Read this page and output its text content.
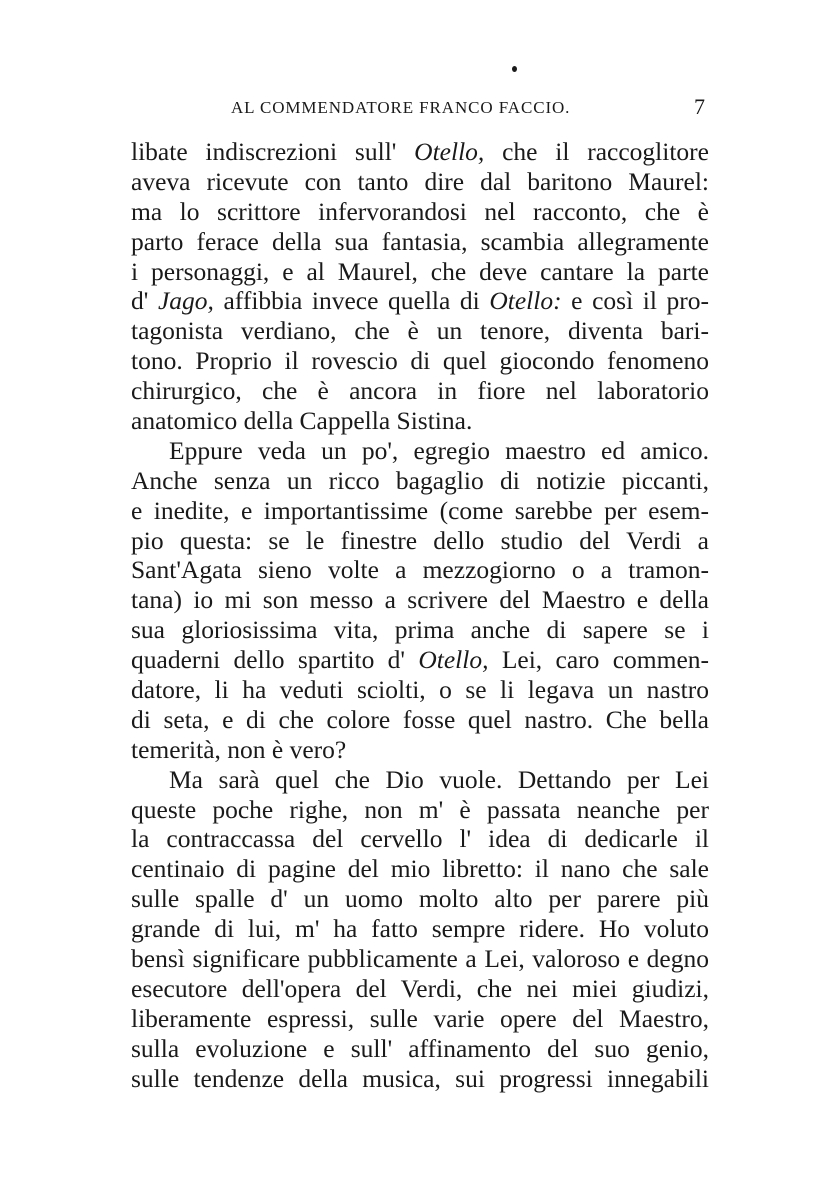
AL COMMENDATORE FRANCO FACCIO.	7
libate indiscrezioni sull' Otello, che il raccoglitore
aveva ricevute con tanto dire dal baritono Maurel:
ma lo scrittore infervorandosi nel racconto, che è
parto ferace della sua fantasia, scambia allegramente
i personaggi, e al Maurel, che deve cantare la parte
d' Jago, affibbia invece quella di Otello: e così il pro-
tagonista verdiano, che è un tenore, diventa bari-
tono. Proprio il rovescio di quel giocondo fenomeno
chirurgico, che è ancora in fiore nel laboratorio
anatomico della Cappella Sistina.
Eppure veda un po', egregio maestro ed amico.
Anche senza un ricco bagaglio di notizie piccanti,
e inedite, e importantissime (come sarebbe per esem-
pio questa: se le finestre dello studio del Verdi a
Sant'Agata sieno volte a mezzogiorno o a tramon-
tana) io mi son messo a scrivere del Maestro e della
sua gloriosissima vita, prima anche di sapere se i
quaderni dello spartito d' Otello, Lei, caro commen-
datore, li ha veduti sciolti, o se li legava un nastro
di seta, e di che colore fosse quel nastro. Che bella
temerità, non è vero?
Ma sarà quel che Dio vuole. Dettando per Lei
queste poche righe, non m' è passata neanche per
la contraccassa del cervello l' idea di dedicarle il
centinaio di pagine del mio libretto: il nano che sale
sulle spalle d' un uomo molto alto per parere più
grande di lui, m' ha fatto sempre ridere. Ho voluto
bensì significare pubblicamente a Lei, valoroso e degno
esecutore dell'opera del Verdi, che nei miei giudizi,
liberamente espressi, sulle varie opere del Maestro,
sulla evoluzione e sull' affinamento del suo genio,
sulle tendenze della musica, sui progressi innegabili
